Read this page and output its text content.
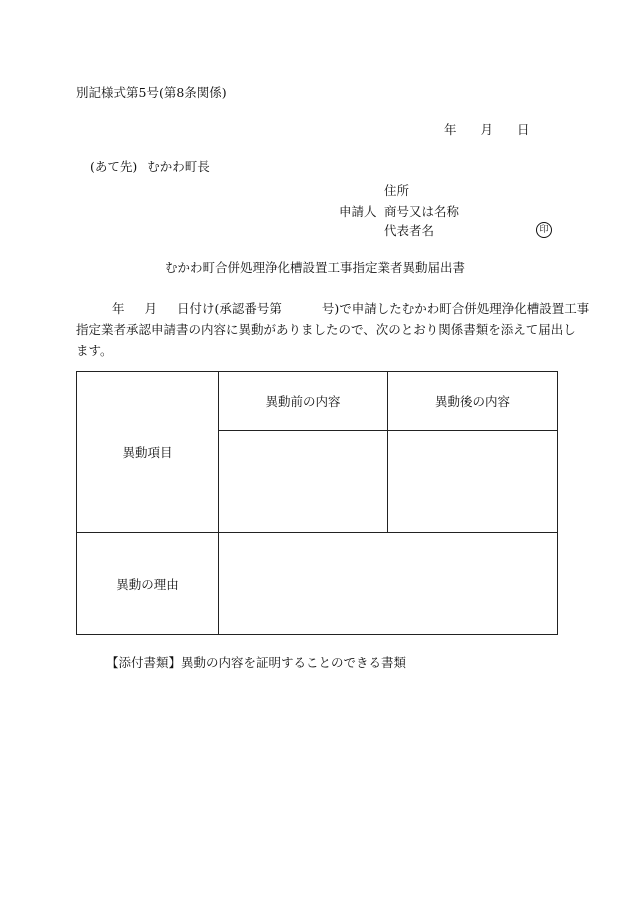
別記様式第5号(第8条関係)
年 月 日
(あて先) むかわ町長
住所
申請人 商号又は名称
代表者名	印
むかわ町合併処理浄化槽設置工事指定業者異動届出書
年 月 日付け(承認番号第	号)で申請したむかわ町合併処理浄化槽設置工事
指定業者承認申請書の内容に異動がありましたので、次のとおり関係書類を添えて届出し
ます。
異動項目	異動前の内容	異動後の内容

異動の理由		
【添付書類】異動の内容を証明することのできる書類
